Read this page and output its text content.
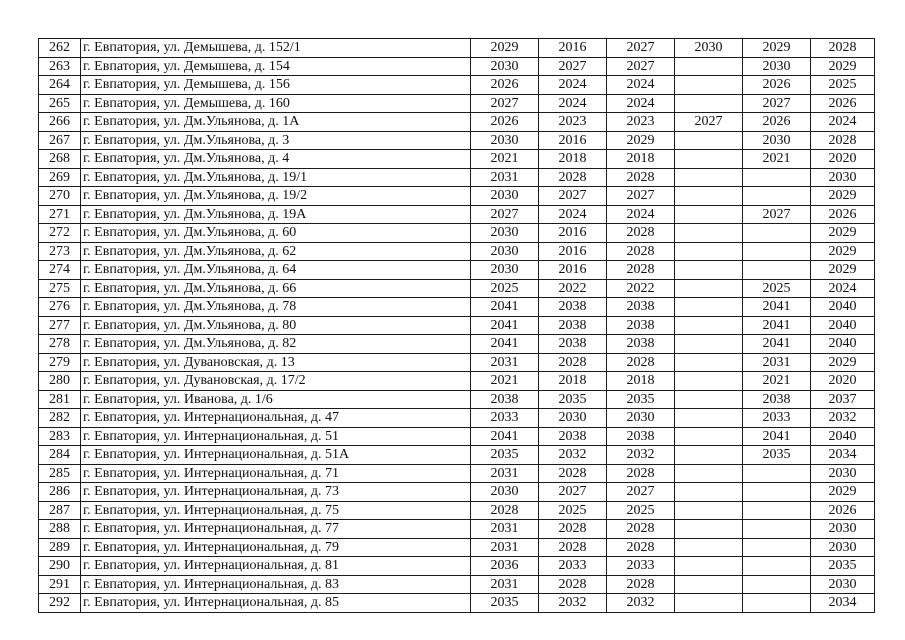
262	г. Евпатория, ул. Демышева, д. 152/1	2029	2016	2027	2030	2029	2028
263	г. Евпатория, ул. Демышева, д. 154	2030	2027	2027		2030	2029
264	г. Евпатория, ул. Демышева, д. 156	2026	2024	2024		2026	2025
265	г. Евпатория, ул. Демышева, д. 160	2027	2024	2024		2027	2026
266	г. Евпатория, ул. Дм.Ульянова, д. 1А	2026	2023	2023	2027	2026	2024
267	г. Евпатория, ул. Дм.Ульянова, д. 3	2030	2016	2029		2030	2028
268	г. Евпатория, ул. Дм.Ульянова, д. 4	2021	2018	2018		2021	2020
269	г. Евпатория, ул. Дм.Ульянова, д. 19/1	2031	2028	2028			2030
270	г. Евпатория, ул. Дм.Ульянова, д. 19/2	2030	2027	2027			2029
271	г. Евпатория, ул. Дм.Ульянова, д. 19А	2027	2024	2024		2027	2026
272	г. Евпатория, ул. Дм.Ульянова, д. 60	2030	2016	2028			2029
273	г. Евпатория, ул. Дм.Ульянова, д. 62	2030	2016	2028			2029
274	г. Евпатория, ул. Дм.Ульянова, д. 64	2030	2016	2028			2029
275	г. Евпатория, ул. Дм.Ульянова, д. 66	2025	2022	2022		2025	2024
276	г. Евпатория, ул. Дм.Ульянова, д. 78	2041	2038	2038		2041	2040
277	г. Евпатория, ул. Дм.Ульянова, д. 80	2041	2038	2038		2041	2040
278	г. Евпатория, ул. Дм.Ульянова, д. 82	2041	2038	2038		2041	2040
279	г. Евпатория, ул. Дувановская, д. 13	2031	2028	2028		2031	2029
280	г. Евпатория, ул. Дувановская, д. 17/2	2021	2018	2018		2021	2020
281	г. Евпатория, ул. Иванова, д. 1/6	2038	2035	2035		2038	2037
282	г. Евпатория, ул. Интернациональная, д. 47	2033	2030	2030		2033	2032
283	г. Евпатория, ул. Интернациональная, д. 51	2041	2038	2038		2041	2040
284	г. Евпатория, ул. Интернациональная, д. 51А	2035	2032	2032		2035	2034
285	г. Евпатория, ул. Интернациональная, д. 71	2031	2028	2028			2030
286	г. Евпатория, ул. Интернациональная, д. 73	2030	2027	2027			2029
287	г. Евпатория, ул. Интернациональная, д. 75	2028	2025	2025			2026
288	г. Евпатория, ул. Интернациональная, д. 77	2031	2028	2028			2030
289	г. Евпатория, ул. Интернациональная, д. 79	2031	2028	2028			2030
290	г. Евпатория, ул. Интернациональная, д. 81	2036	2033	2033			2035
291	г. Евпатория, ул. Интернациональная, д. 83	2031	2028	2028			2030
292	г. Евпатория, ул. Интернациональная, д. 85	2035	2032	2032			2034
